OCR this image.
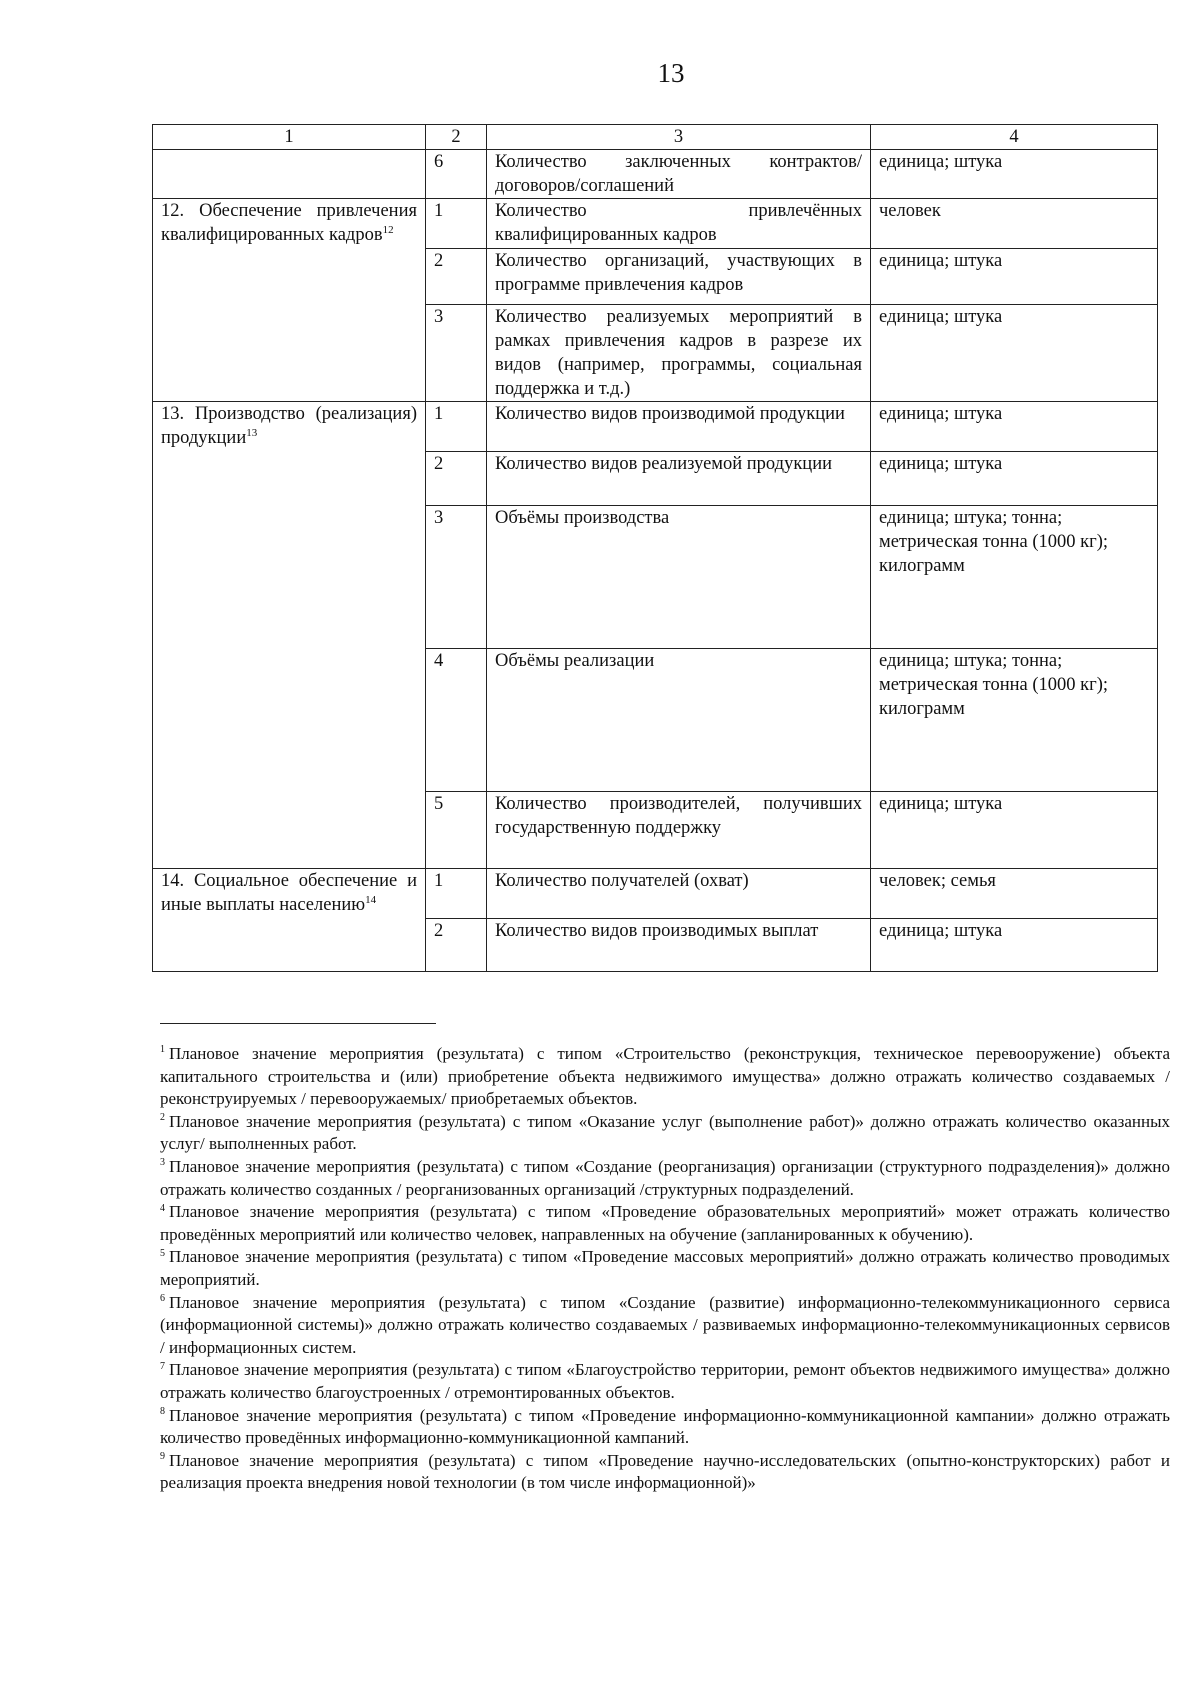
13
1	2	3	4
	6	Количество заключенных контрактов/договоров/соглашений	единица; штука
12. Обеспечение привлечения квалифицированных кадров$^{12}$	1	Количество привлечённых квалифицированных кадров	человек
	2	Количество организаций, участвующих в программе привлечения кадров	единица; штука
	3	Количество реализуемых мероприятий в рамках привлечения кадров в разрезе их видов (например, программы, социальная поддержка и т.д.)	единица; штука
13. Производство (реализация) продукции$^{13}$	1	Количество видов производимой продукции	единица; штука
	2	Количество видов реализуемой продукции	единица; штука
	3	Объёмы производства	единица; штука; тонна; метрическая тонна (1000 кг); килограмм
	4	Объёмы реализации	единица; штука; тонна; метрическая тонна (1000 кг); килограмм
	5	Количество производителей, получивших государственную поддержку	единица; штука
14. Социальное обеспечение и иные выплаты населению$^{14}$	1	Количество получателей (охват)	человек; семья
	2	Количество видов производимых выплат	единица; штука

$^1$ Плановое значение мероприятия (результата) с типом «Строительство (реконструкция, техническое перевооружение) объекта капитального строительства и (или) приобретение объекта недвижимого имущества» должно отражать количество создаваемых / реконструируемых / перевооружаемых/ приобретаемых объектов.

$^2$ Плановое значение мероприятия (результата) с типом «Оказание услуг (выполнение работ)» должно отражать количество оказанных услуг/ выполненных работ.

$^3$ Плановое значение мероприятия (результата) с типом «Создание (реорганизация) организации (структурного подразделения)» должно отражать количество созданных / реорганизованных организаций /структурных подразделений.

$^4$ Плановое значение мероприятия (результата) с типом «Проведение образовательных мероприятий» может отражать количество проведённых мероприятий или количество человек, направленных на обучение (запланированных к обучению).

$^5$ Плановое значение мероприятия (результата) с типом «Проведение массовых мероприятий» должно отражать количество проводимых мероприятий.

$^6$ Плановое значение мероприятия (результата) с типом «Создание (развитие) информационно-телекоммуникационного сервиса (информационной системы)» должно отражать количество создаваемых / развиваемых информационно-телекоммуникационных сервисов / информационных систем.

$^7$ Плановое значение мероприятия (результата) с типом «Благоустройство территории, ремонт объектов недвижимого имущества» должно отражать количество благоустроенных / отремонтированных объектов.

$^8$ Плановое значение мероприятия (результата) с типом «Проведение информационно-коммуникационной кампании» должно отражать количество проведённых информационно-коммуникационной кампаний.

$^9$ Плановое значение мероприятия (результата) с типом «Проведение научно-исследовательских (опытно-конструкторских) работ и реализация проекта внедрения новой технологии (в том числе информационной)»
